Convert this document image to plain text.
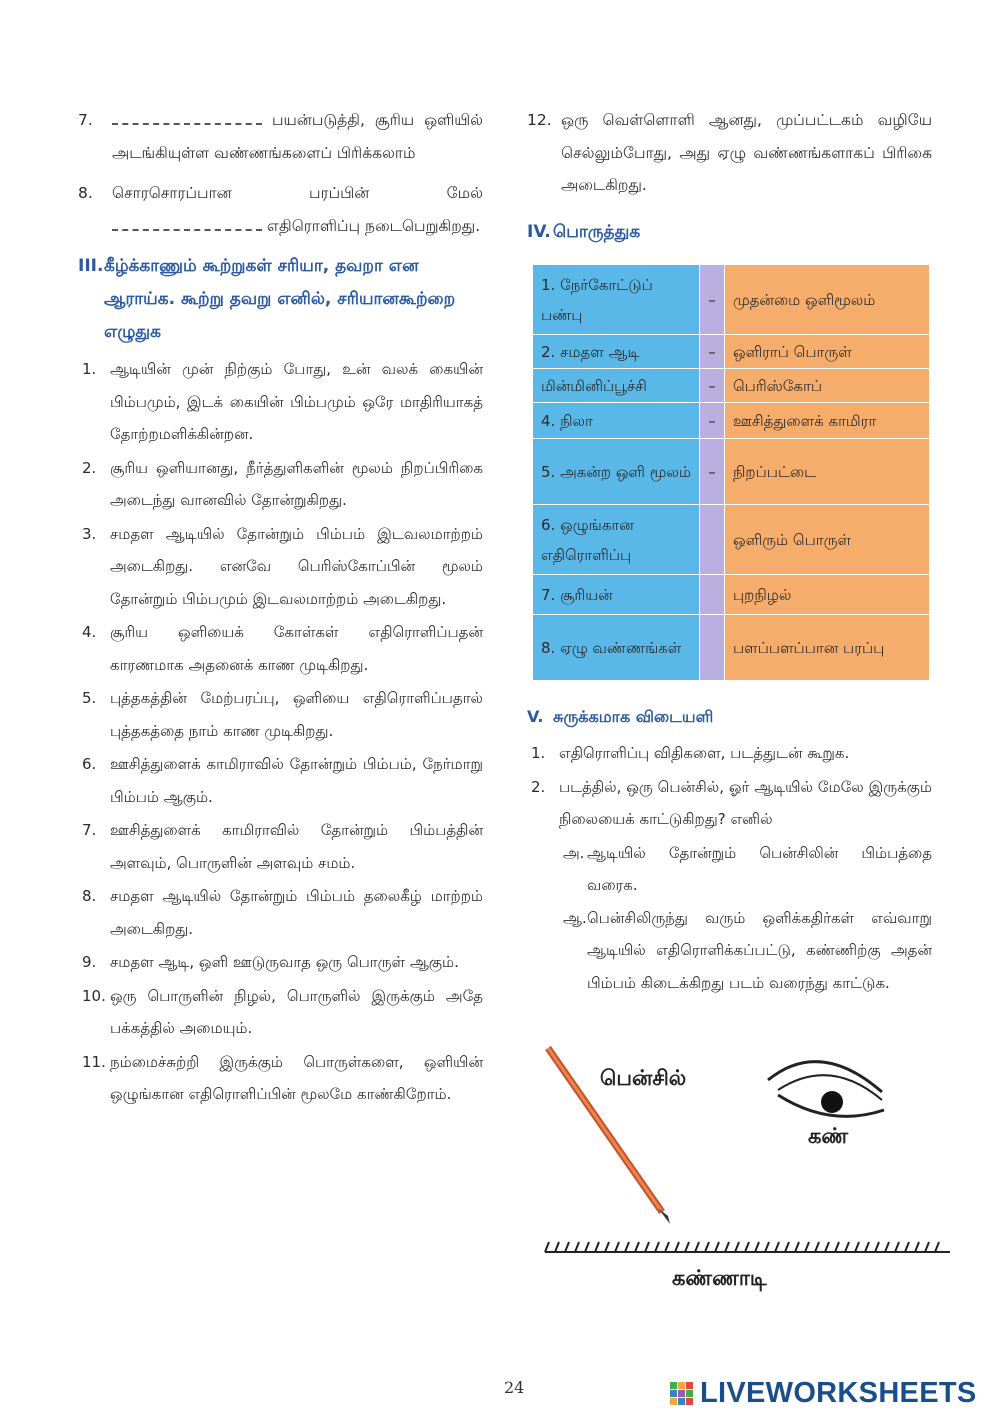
7.	பயன்படுத்தி, சூரிய ஒளியில் அடங்கியுள்ள வண்ணங்களைப் பிரிக்கலாம்
8. சொரசொரப்பான பரப்பின் மேல்  எதிரொளிப்பு நடைபெறுகிறது.
III. கீழ்க்காணும் கூற்றுகள் சரியா, தவறா என ஆராய்க. கூற்று தவறு எனில், சரியானகூற்றை எழுதுக
1. ஆடியின் முன் நிற்கும் போது, உன் வலக் கையின் பிம்பமும், இடக் கையின் பிம்பமும் ஒரே மாதிரியாகத் தோற்றமளிக்கின்றன.
2. சூரிய ஒளியானது, நீர்த்துளிகளின் மூலம் நிறப்பிரிகை அடைந்து வானவில் தோன்றுகிறது.
3. சமதள ஆடியில் தோன்றும் பிம்பம் இடவலமாற்றம் அடைகிறது. எனவே பெரிஸ்கோப்பின் மூலம் தோன்றும் பிம்பமும் இடவலமாற்றம் அடைகிறது.
4. சூரிய ஒளியைக் கோள்கள் எதிரொளிப்பதன் காரணமாக அதனைக் காண முடிகிறது.
5. புத்தகத்தின் மேற்பரப்பு, ஒளியை எதிரொளிப்பதால் புத்தகத்தை நாம் காண முடிகிறது.
6. ஊசித்துளைக் காமிராவில் தோன்றும் பிம்பம், நேர்மாறு பிம்பம் ஆகும்.
7. ஊசித்துளைக் காமிராவில் தோன்றும் பிம்பத்தின் அளவும், பொருளின் அளவும் சமம்.
8. சமதள ஆடியில் தோன்றும் பிம்பம் தலைகீழ் மாற்றம் அடைகிறது.
9. சமதள ஆடி, ஒளி ஊடுருவாத ஒரு பொருள் ஆகும்.
10. ஒரு பொருளின் நிழல், பொருளில் இருக்கும் அதே பக்கத்தில் அமையும்.
11. நம்மைச்சுற்றி இருக்கும் பொருள்களை, ஒளியின் ஒழுங்கான எதிரொளிப்பின் மூலமே காண்கிறோம்.
12. ஒரு வெள்ளொளி ஆனது, முப்பட்டகம் வழியே செல்லும்போது, அது ஏழு வண்ணங்களாகப் பிரிகை அடைகிறது.
IV. பொருத்துக
1. நேர்கோட்டுப் பண்பு	–	முதன்மை ஒளிமூலம்
2. சமதள ஆடி	–	ஒளிராப் பொருள்
மின்மினிப்பூச்சி	–	பெரிஸ்கோப்
4. நிலா	–	ஊசித்துளைக் காமிரா
5. அகன்ற ஒளி மூலம்	–	நிறப்பட்டை
6. ஒழுங்கான எதிரொளிப்பு		ஒளிரும் பொருள்
7. சூரியன்		புறநிழல்
8. ஏழு வண்ணங்கள்		பளப்பளப்பான பரப்பு
V. சுருக்கமாக விடையளி
1. எதிரொளிப்பு விதிகளை, படத்துடன் கூறுக.
2. படத்தில், ஒரு பென்சில், ஓர் ஆடியில் மேலே இருக்கும் நிலையைக் காட்டுகிறது? எனில்
அ. ஆடியில் தோன்றும் பென்சிலின் பிம்பத்தை வரைக.
ஆ. பென்சிலிருந்து வரும் ஒளிக்கதிர்கள் எவ்வாறு ஆடியில் எதிரொளிக்கப்பட்டு, கண்ணிற்கு அதன் பிம்பம் கிடைக்கிறது படம் வரைந்து காட்டுக.
பென்சில்
கண்
கண்ணாடி
24	LIVEWORKSHEETS
